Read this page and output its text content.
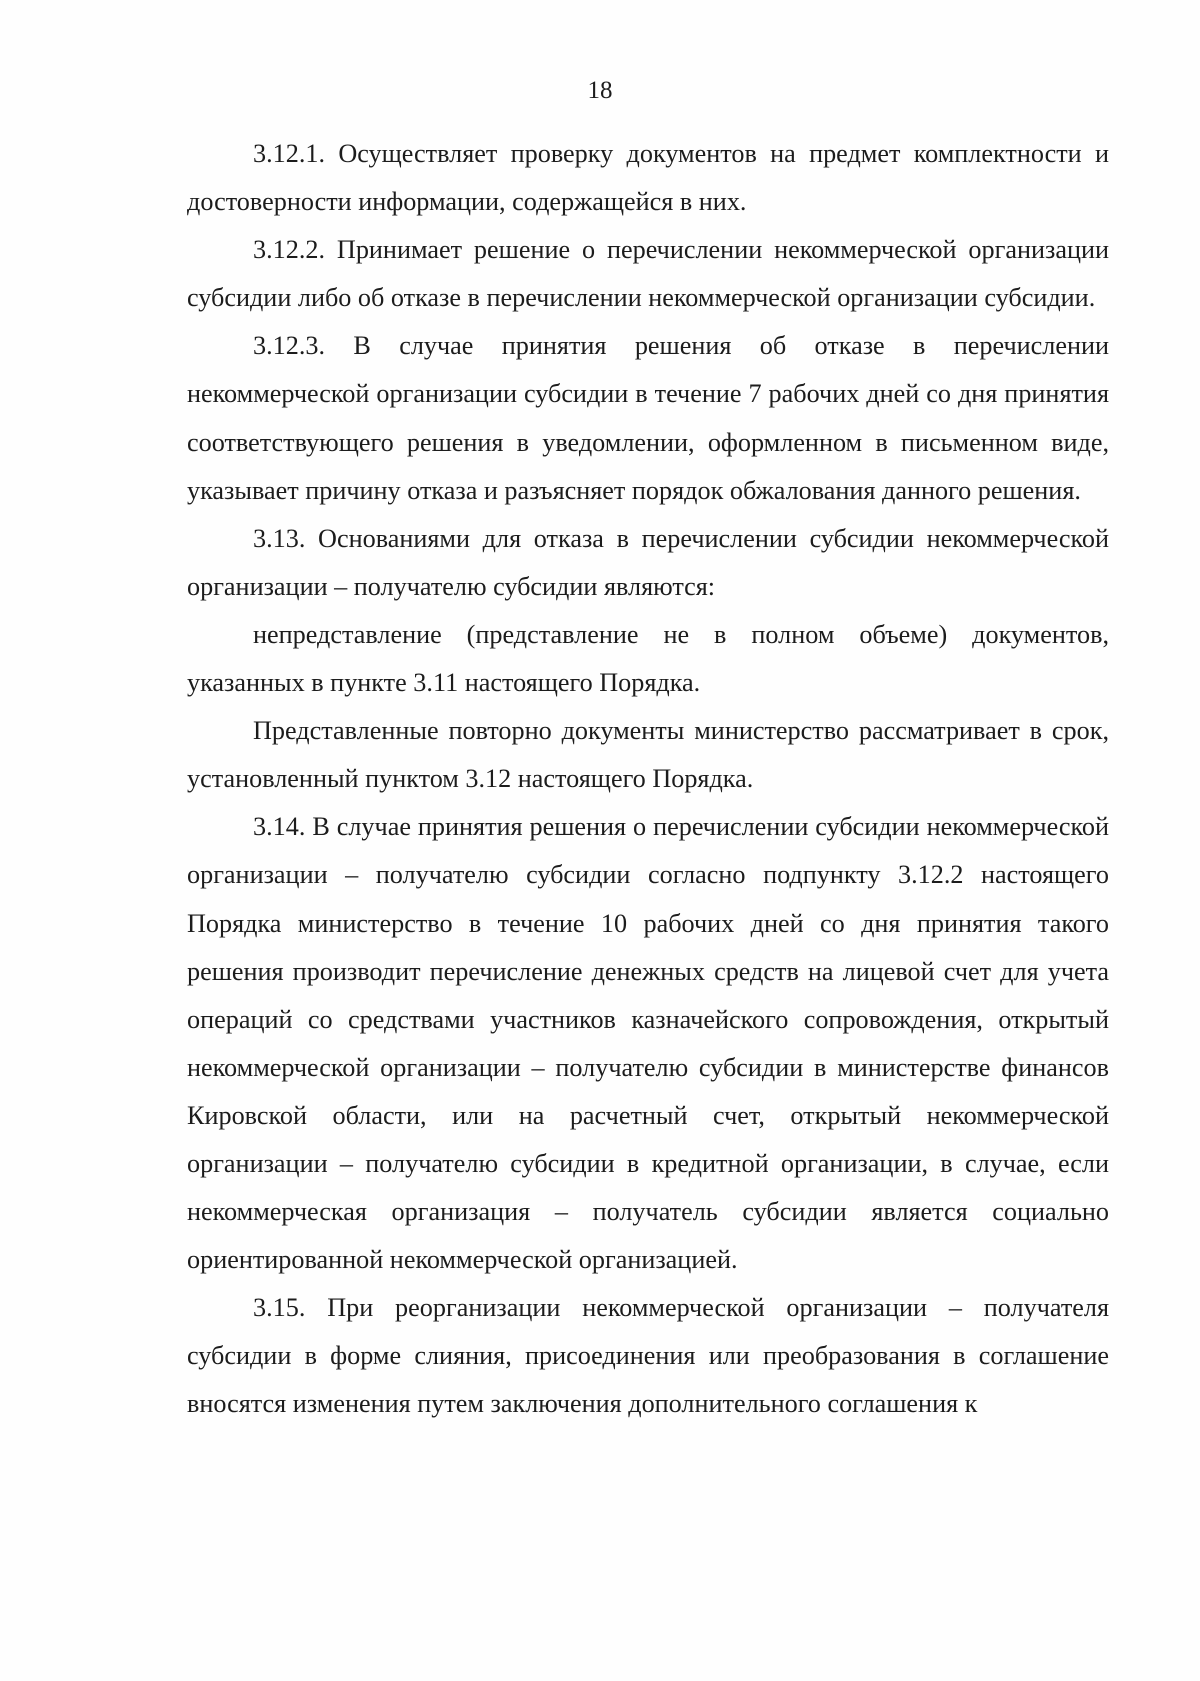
18

3.12.1. Осуществляет проверку документов на предмет комплектности и достоверности информации, содержащейся в них.

3.12.2. Принимает решение о перечислении некоммерческой организации субсидии либо об отказе в перечислении некоммерческой организации субсидии.

3.12.3. В случае принятия решения об отказе в перечислении некоммерческой организации субсидии в течение 7 рабочих дней со дня принятия соответствующего решения в уведомлении, оформленном в письменном виде, указывает причину отказа и разъясняет порядок обжалования данного решения.

3.13. Основаниями для отказа в перечислении субсидии некоммерческой организации – получателю субсидии являются:

непредставление (представление не в полном объеме) документов, указанных в пункте 3.11 настоящего Порядка.

Представленные повторно документы министерство рассматривает в срок, установленный пунктом 3.12 настоящего Порядка.

3.14. В случае принятия решения о перечислении субсидии некоммерческой организации – получателю субсидии согласно подпункту 3.12.2 настоящего Порядка министерство в течение 10 рабочих дней со дня принятия такого решения производит перечисление денежных средств на лицевой счет для учета операций со средствами участников казначейского сопровождения, открытый некоммерческой организации – получателю субсидии в министерстве финансов Кировской области, или на расчетный счет, открытый некоммерческой организации – получателю субсидии в кредитной организации, в случае, если некоммерческая организация – получатель субсидии является социально ориентированной некоммерческой организацией.

3.15. При реорганизации некоммерческой организации – получателя субсидии в форме слияния, присоединения или преобразования в соглашение вносятся изменения путем заключения дополнительного соглашения к
